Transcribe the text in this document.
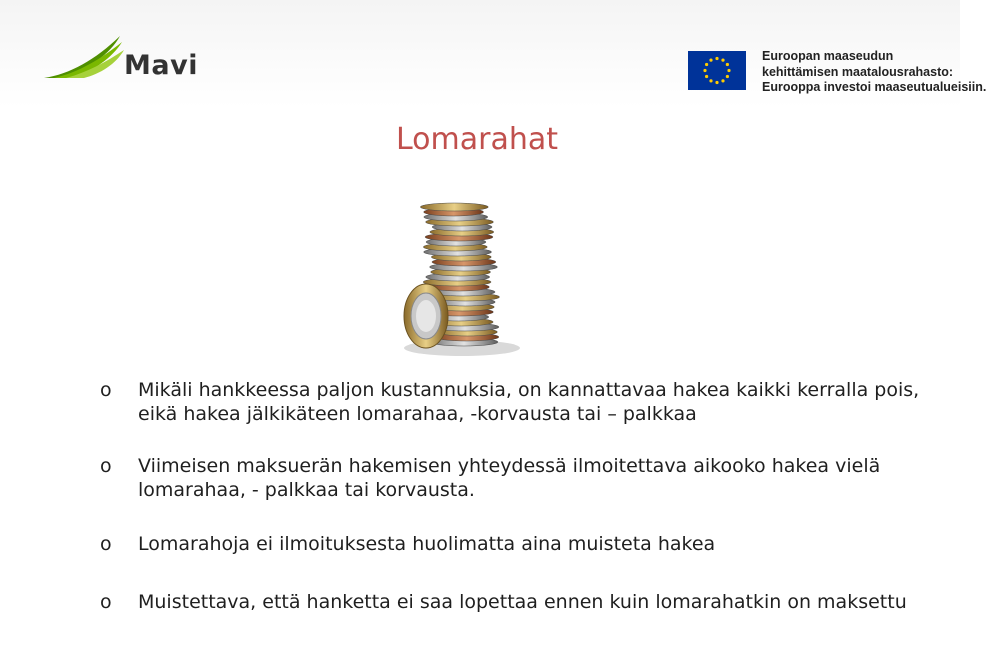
Mavi	Euroopan maaseudun
kehittämisen maatalousrahasto:
Eurooppa investoi maaseutualueisiin.
Lomarahat
o Mikäli hankkeessa paljon kustannuksia, on kannattavaa hakea kaikki kerralla pois, eikä hakea jälkikäteen lomarahaa, -korvausta tai – palkkaa
o Viimeisen maksuerän hakemisen yhteydessä ilmoitettava aikooko hakea vielä lomarahaa, - palkkaa tai korvausta.
o Lomarahoja ei ilmoituksesta huolimatta aina muisteta hakea
o Muistettava, että hanketta ei saa lopettaa ennen kuin lomarahatkin on maksettu
